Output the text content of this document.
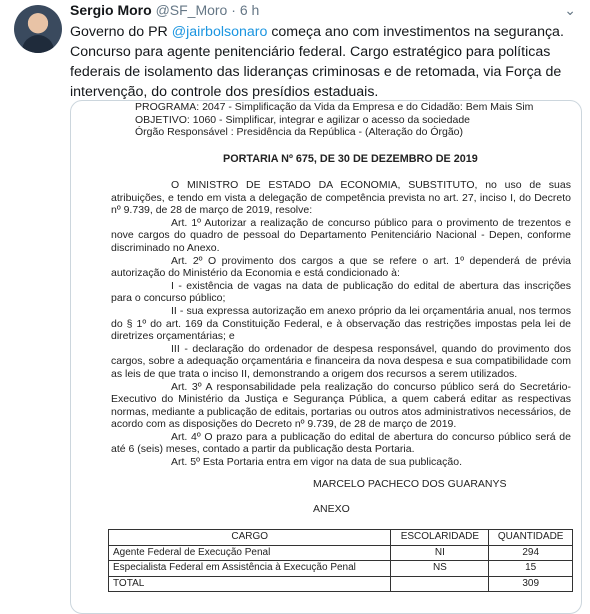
Sergio Moro @SF_Moro · 6 h	⌄
Governo do PR @jairbolsonaro começa ano com investimentos na segurança. Concurso para agente penitenciário federal. Cargo estratégico para políticas federais de isolamento das lideranças criminosas e de retomada, via Força de intervenção, do controle dos presídios estaduais.
PROGRAMA: 2047 - Simplificação da Vida da Empresa e do Cidadão: Bem Mais Sim
OBJETIVO: 1060 - Simplificar, integrar e agilizar o acesso da sociedade
Órgão Responsável : Presidência da República - (Alteração do Órgão)
PORTARIA Nº 675, DE 30 DE DEZEMBRO DE 2019

O MINISTRO DE ESTADO DA ECONOMIA, SUBSTITUTO, no uso de suas atribuições, e tendo em vista a delegação de competência prevista no art. 27, inciso I, do Decreto nº 9.739, de 28 de março de 2019, resolve:

Art. 1º Autorizar a realização de concurso público para o provimento de trezentos e nove cargos do quadro de pessoal do Departamento Penitenciário Nacional - Depen, conforme discriminado no Anexo.

Art. 2º O provimento dos cargos a que se refere o art. 1º dependerá de prévia autorização do Ministério da Economia e está condicionado à:

I - existência de vagas na data de publicação do edital de abertura das inscrições para o concurso público;

II - sua expressa autorização em anexo próprio da lei orçamentária anual, nos termos do § 1º do art. 169 da Constituição Federal, e à observação das restrições impostas pela lei de diretrizes orçamentárias; e

III - declaração do ordenador de despesa responsável, quando do provimento dos cargos, sobre a adequação orçamentária e financeira da nova despesa e sua compatibilidade com as leis de que trata o inciso II, demonstrando a origem dos recursos a serem utilizados.

Art. 3º A responsabilidade pela realização do concurso público será do Secretário-Executivo do Ministério da Justiça e Segurança Pública, a quem caberá editar as respectivas normas, mediante a publicação de editais, portarias ou outros atos administrativos necessários, de acordo com as disposições do Decreto nº 9.739, de 28 de março de 2019.

Art. 4º O prazo para a publicação do edital de abertura do concurso público será de até 6 (seis) meses, contado a partir da publicação desta Portaria.

Art. 5º Esta Portaria entra em vigor na data de sua publicação.

MARCELO PACHECO DOS GUARANYS
ANEXO
CARGO	ESCOLARIDADE	QUANTIDADE
Agente Federal de Execução Penal	NI	294
Especialista Federal em Assistência à Execução Penal	NS	15
TOTAL		309
